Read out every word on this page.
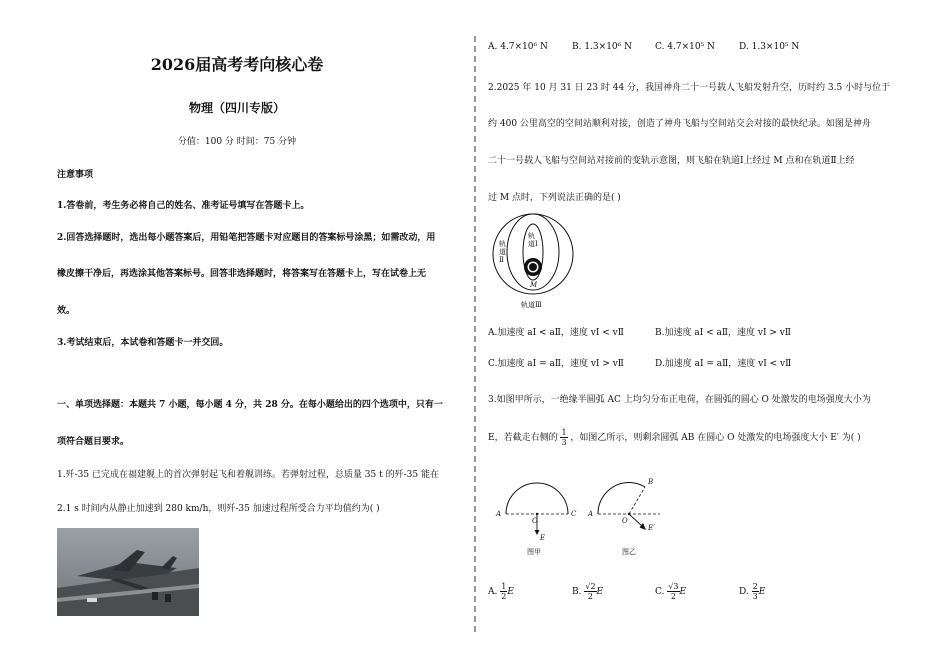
2026届高考考向核心卷
物理（四川专版）
分值：100 分 时间：75 分钟
注意事项
1.答卷前，考生务必将自己的姓名、准考证号填写在答题卡上。
2.回答选择题时，选出每小题答案后，用铅笔把答题卡对应题目的答案标号涂黑；如需改动，用
橡皮擦干净后，再选涂其他答案标号。回答非选择题时，将答案写在答题卡上，写在试卷上无
效。
3.考试结束后，本试卷和答题卡一并交回。
一、单项选择题：本题共 7 小题，每小题 4 分，共 28 分。在每小题给出的四个选项中，只有一
项符合题目要求。
1.歼-35 已完成在福建舰上的首次弹射起飞和着舰训练。若弹射过程，总质量 35 t 的歼-35 能在
2.1 s 时间内从静止加速到 280 km/h，则歼-35 加速过程所受合力平均值约为( )
A. 4.7×10⁶ N	B. 1.3×10⁶ N	C. 4.7×10⁵ N	D. 1.3×10⁵ N
2.2025 年 10 月 31 日 23 时 44 分，我国神舟二十一号载人飞船发射升空，历时约 3.5 小时与位于
约 400 公里高空的空间站顺利对接，创造了神舟飞船与空间站交会对接的最快纪录。如图是神舟
二十一号载人飞船与空间站对接前的变轨示意图，则飞船在轨道Ⅰ上经过 M 点和在轨道Ⅱ上经
过 M 点时，下列说法正确的是( )
轨道Ⅰ
轨道Ⅱ
M
轨道Ⅲ
A.加速度 aⅠ < aⅡ，速度 vⅠ < vⅡ	B.加速度 aⅠ < aⅡ，速度 vⅠ > vⅡ
C.加速度 aⅠ = aⅡ，速度 vⅠ > vⅡ	D.加速度 aⅠ = aⅡ，速度 vⅠ < vⅡ
3.如图甲所示，一绝缘半圆弧 AC 上均匀分布正电荷，在圆弧的圆心 O 处激发的电场强度大小为
E，若截走右侧的 $\frac{1}{3}$ ，如图乙所示，则剩余圆弧 AB 在圆心 O 处激发的电场强度大小 E′ 为( )
A	C
O
E
A
B
O
E′
图甲	图乙
A. $\frac{1}{2}$ E	B. $\frac{√2}{2}$ E	C. $\frac{√3}{2}$ E	D. $\frac{2}{3}$ E
